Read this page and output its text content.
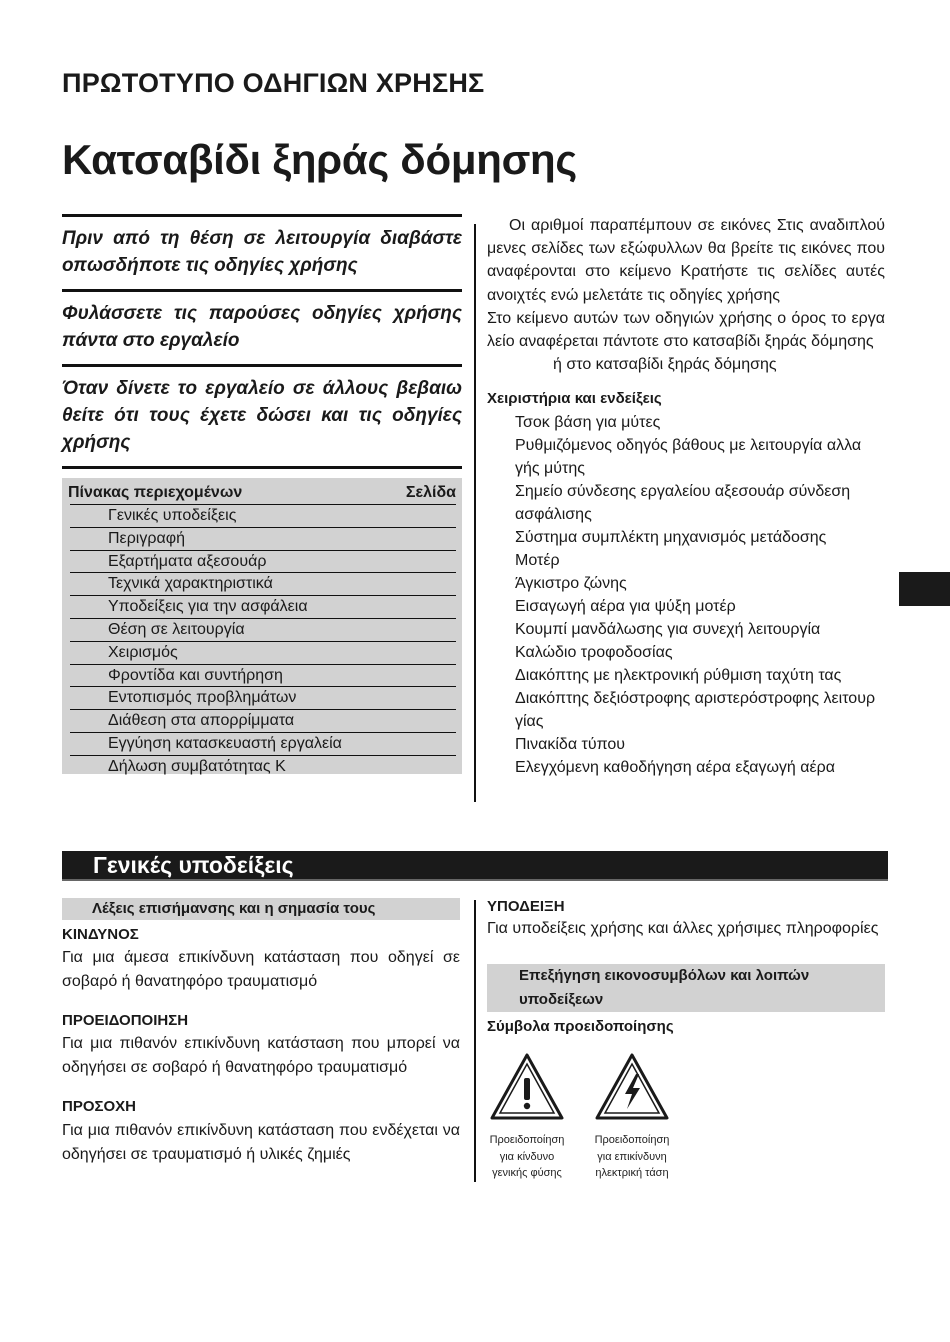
ΠΡΩΤΟΤΥΠΟ ΟΔΗΓΙΩΝ ΧΡΗΣΗΣ
Κατσαβίδι ξηράς δόμησης
Πριν από τη θέση σε λειτουργία διαβάστε οπωσδήποτε τις οδηγίες χρήσης
Φυλάσσετε τις παρούσες οδηγίες χρήσης πάντα στο εργαλείο
Όταν δίνετε το εργαλείο σε άλλους βεβαιω θείτε ότι τους έχετε δώσει και τις οδηγίες χρήσης
Πίνακας περιεχομένων	Σελίδα
Γενικές υποδείξεις
Περιγραφή
Εξαρτήματα αξεσουάρ
Τεχνικά χαρακτηριστικά
Υποδείξεις για την ασφάλεια
Θέση σε λειτουργία
Χειρισμός
Φροντίδα και συντήρηση
Εντοπισμός προβλημάτων
Διάθεση στα απορρίμματα
Εγγύηση κατασκευαστή εργαλεία
Δήλωση συμβατότητας Κ

Οι αριθμοί παραπέμπουν σε εικόνες Στις αναδιπλού μενες σελίδες των εξώφυλλων θα βρείτε τις εικόνες που αναφέρονται στο κείμενο Κρατήστε τις σελίδες αυτές ανοιχτές ενώ μελετάτε τις οδηγίες χρήσης

Στο κείμενο αυτών των οδηγιών χρήσης ο όρος το εργα λείο αναφέρεται πάντοτε στο κατσαβίδι ξηράς δόμησης
ή στο κατσαβίδι ξηράς δόμησης
Χειριστήρια και ενδείξεις
Τσοκ βάση για μύτες
Ρυθμιζόμενος οδηγός βάθους με λειτουργία αλλα γής μύτης
Σημείο σύνδεσης εργαλείου αξεσουάρ σύνδεση ασφάλισης
Σύστημα συμπλέκτη μηχανισμός μετάδοσης
Μοτέρ
Άγκιστρο ζώνης
Εισαγωγή αέρα για ψύξη μοτέρ
Κουμπί μανδάλωσης για συνεχή λειτουργία
Καλώδιο τροφοδοσίας
Διακόπτης με ηλεκτρονική ρύθμιση ταχύτη τας
Διακόπτης δεξιόστροφης αριστερόστροφης λειτουρ γίας
Πινακίδα τύπου
Ελεγχόμενη καθοδήγηση αέρα εξαγωγή αέρα
Γενικές υποδείξεις
Λέξεις επισήμανσης και η σημασία τους
ΚΙΝΔΥΝΟΣ
Για μια άμεσα επικίνδυνη κατάσταση που οδηγεί σε σοβαρό ή θανατηφόρο τραυματισμό
ΠΡΟΕΙΔΟΠΟΙΗΣΗ
Για μια πιθανόν επικίνδυνη κατάσταση που μπορεί να οδηγήσει σε σοβαρό ή θανατηφόρο τραυματισμό
ΠΡΟΣΟΧΗ
Για μια πιθανόν επικίνδυνη κατάσταση που ενδέχεται να οδηγήσει σε τραυματισμό ή υλικές ζημιές
ΥΠΟΔΕΙΞΗ
Για υποδείξεις χρήσης και άλλες χρήσιμες πληροφορίες
Επεξήγηση εικονοσυμβόλων και λοιπών υποδείξεων
Σύμβολα προειδοποίησης
Προειδοποίηση
για κίνδυνο
γενικής φύσης
Προειδοποίηση
για επικίνδυνη
ηλεκτρική τάση
